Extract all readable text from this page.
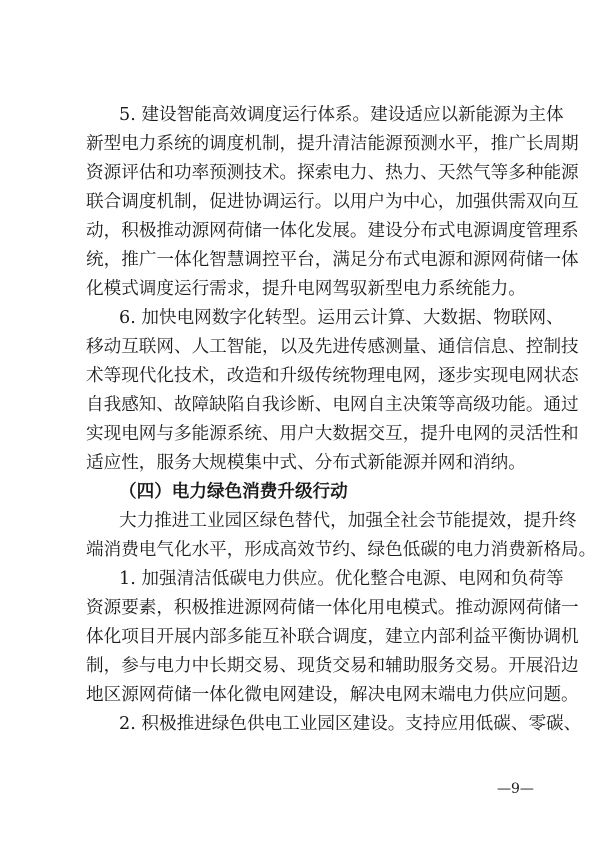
5. 建设智能高效调度运行体系。建设适应以新能源为主体
新型电力系统的调度机制，提升清洁能源预测水平，推广长周期
资源评估和功率预测技术。探索电力、热力、天然气等多种能源
联合调度机制，促进协调运行。以用户为中心，加强供需双向互
动，积极推动源网荷储一体化发展。建设分布式电源调度管理系
统，推广一体化智慧调控平台，满足分布式电源和源网荷储一体
化模式调度运行需求，提升电网驾驭新型电力系统能力。
6. 加快电网数字化转型。运用云计算、大数据、物联网、
移动互联网、人工智能，以及先进传感测量、通信信息、控制技
术等现代化技术，改造和升级传统物理电网，逐步实现电网状态
自我感知、故障缺陷自我诊断、电网自主决策等高级功能。通过
实现电网与多能源系统、用户大数据交互，提升电网的灵活性和
适应性，服务大规模集中式、分布式新能源并网和消纳。
（四）电力绿色消费升级行动
大力推进工业园区绿色替代，加强全社会节能提效，提升终
端消费电气化水平，形成高效节约、绿色低碳的电力消费新格局。
1. 加强清洁低碳电力供应。优化整合电源、电网和负荷等
资源要素，积极推进源网荷储一体化用电模式。推动源网荷储一
体化项目开展内部多能互补联合调度，建立内部利益平衡协调机
制，参与电力中长期交易、现货交易和辅助服务交易。开展沿边
地区源网荷储一体化微电网建设，解决电网末端电力供应问题。
2. 积极推进绿色供电工业园区建设。支持应用低碳、零碳、
—9—
